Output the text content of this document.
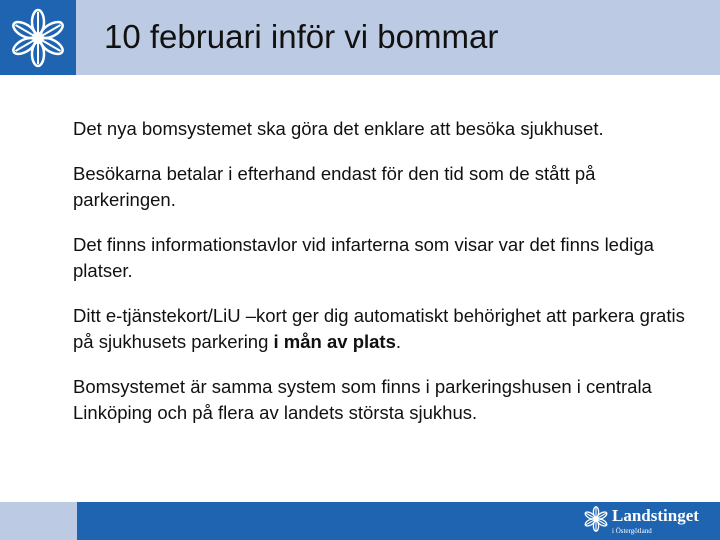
10 februari inför vi bommar

Det nya bomsystemet ska göra det enklare att besöka sjukhuset.

Besökarna betalar i efterhand endast för den tid som de stått på parkeringen.

Det finns informationstavlor vid infarterna som visar var det finns lediga platser.

Ditt e-tjänstekort/LiU –kort ger dig automatiskt behörighet att parkera gratis på sjukhusets parkering i mån av plats.

Bomsystemet är samma system som finns i parkeringshusen i centrala Linköping och på flera av landets största sjukhus.

Landstinget
i Östergötland
